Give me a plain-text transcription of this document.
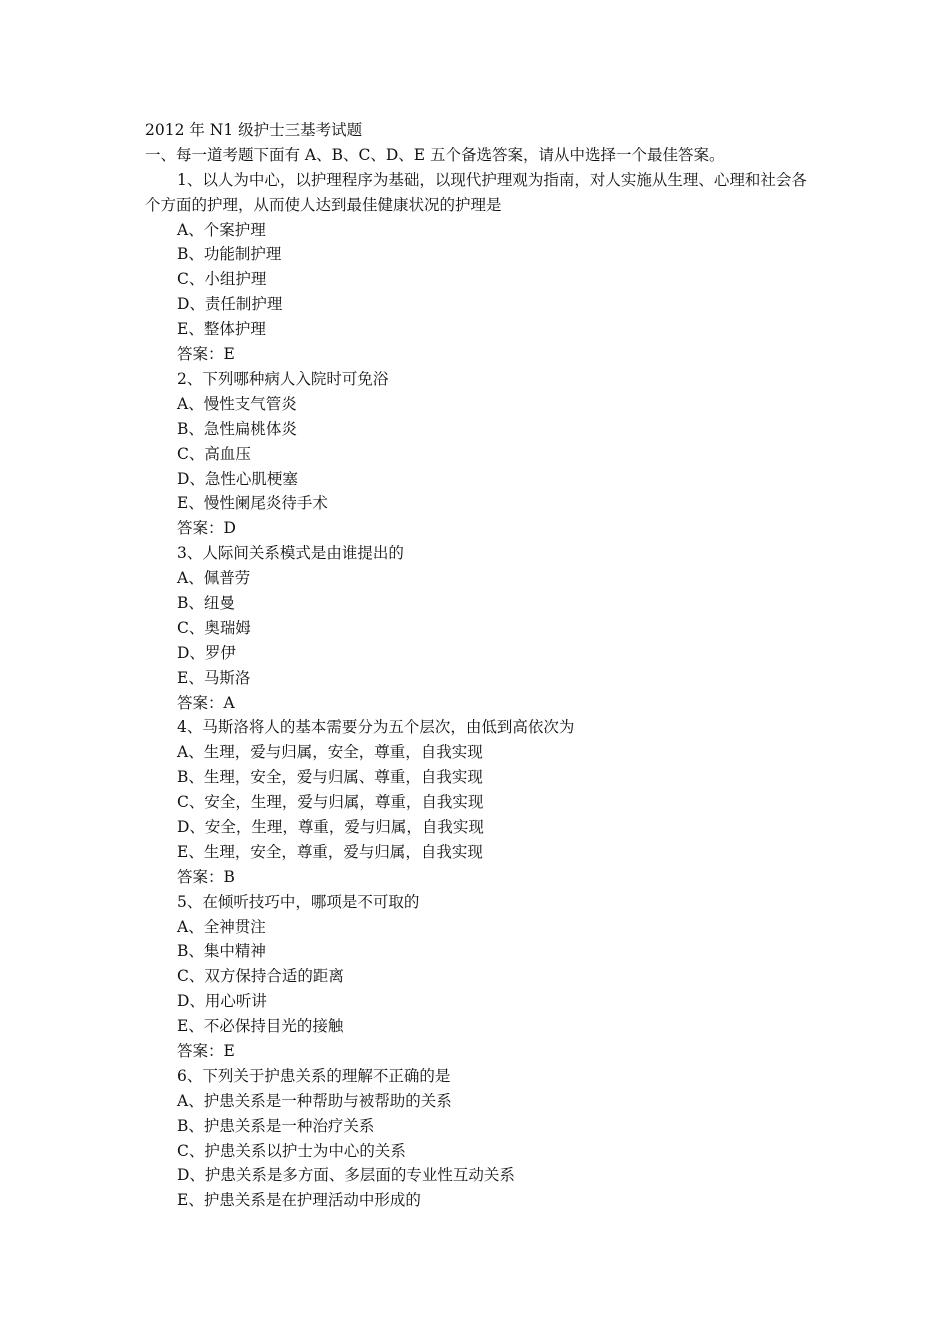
2012 年 N1 级护士三基考试题
一、每一道考题下面有 A、B、C、D、E 五个备选答案，请从中选择一个最佳答案。
1、以人为中心，以护理程序为基础，以现代护理观为指南，对人实施从生理、心理和社会各个方面的护理，从而使人达到最佳健康状况的护理是
A、个案护理
B、功能制护理
C、小组护理
D、责任制护理
E、整体护理
答案：E
2、下列哪种病人入院时可免浴
A、慢性支气管炎
B、急性扁桃体炎
C、高血压
D、急性心肌梗塞
E、慢性阑尾炎待手术
答案：D
3、人际间关系模式是由谁提出的
A、佩普劳
B、纽曼
C、奥瑞姆
D、罗伊
E、马斯洛
答案：A
4、马斯洛将人的基本需要分为五个层次，由低到高依次为
A、生理，爱与归属，安全，尊重，自我实现
B、生理，安全，爱与归属、尊重，自我实现
C、安全，生理，爱与归属，尊重，自我实现
D、安全，生理，尊重，爱与归属，自我实现
E、生理，安全，尊重，爱与归属，自我实现
答案：B
5、在倾听技巧中，哪项是不可取的
A、全神贯注
B、集中精神
C、双方保持合适的距离
D、用心听讲
E、不必保持目光的接触
答案：E
6、下列关于护患关系的理解不正确的是
A、护患关系是一种帮助与被帮助的关系
B、护患关系是一种治疗关系
C、护患关系以护士为中心的关系
D、护患关系是多方面、多层面的专业性互动关系
E、护患关系是在护理活动中形成的
